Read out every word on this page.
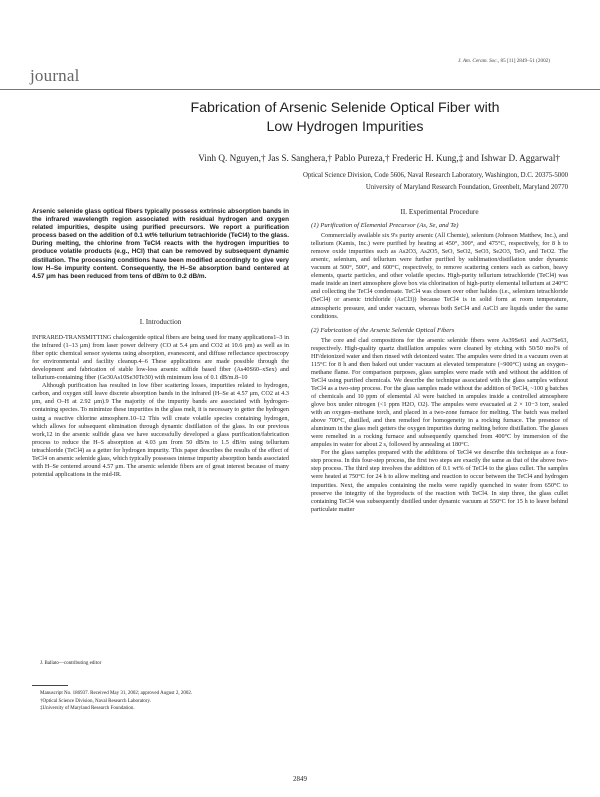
journal
J. Am. Ceram. Soc., 85 [11] 2849–51 (2002)
Fabrication of Arsenic Selenide Optical Fiber with
Low Hydrogen Impurities
Vinh Q. Nguyen,† Jas S. Sanghera,† Pablo Pureza,† Frederic H. Kung,‡ and Ishwar D. Aggarwal†
Optical Science Division, Code 5606, Naval Research Laboratory, Washington, D.C. 20375-5000
University of Maryland Research Foundation, Greenbelt, Maryland 20770
Arsenic selenide glass optical fibers typically possess extrinsic absorption bands in the infrared wavelength region associated with residual hydrogen and oxygen related impurities, despite using purified precursors. We report a purification process based on the addition of 0.1 wt% tellurium tetrachloride (TeCl4) to the glass. During melting, the chlorine from TeCl4 reacts with the hydrogen impurities to produce volatile products (e.g., HCl) that can be removed by subsequent dynamic distillation. The processing conditions have been modified accordingly to give very low H–Se impurity content. Consequently, the H–Se absorption band centered at 4.57 μm has been reduced from tens of dB/m to 0.2 dB/m.
I. Introduction

INFRARED-TRANSMITTING chalcogenide optical fibers are being used for many applications1–3 in the infrared (1–13 μm) from laser power delivery (CO at 5.4 μm and CO2 at 10.6 μm) as well as in fiber optic chemical sensor systems using absorption, evanescent, and diffuse reflectance spectroscopy for environmental and facility cleanup.4–6 These applications are made possible through the development and fabrication of stable low-loss arsenic sulfide based fiber (As40S60–xSex) and tellurium-containing fiber (Ge30As10Se30Te30) with minimum loss of 0.1 dB/m.8–10

Although purification has resulted in low fiber scattering losses, impurities related to hydrogen, carbon, and oxygen still leave discrete absorption bands in the infrared (H–Se at 4.57 μm, CO2 at 4.3 μm, and O–H at 2.92 μm).9 The majority of the impurity bands are associated with hydrogen-containing species. To minimize these impurities in the glass melt, it is necessary to getter the hydrogen using a reactive chlorine atmosphere.10–12 This will create volatile species containing hydrogen, which allows for subsequent elimination through dynamic distillation of the glass. In our previous work,12 in the arsenic sulfide glass we have successfully developed a glass purification/fabrication process to reduce the H–S absorption at 4.03 μm from 50 dB/m to 1.5 dB/m using tellurium tetrachloride (TeCl4) as a getter for hydrogen impurity. This paper describes the results of the effect of TeCl4 on arsenic selenide glass, which typically possesses intense impurity absorption bands associated with H–Se centered around 4.57 μm. The arsenic selenide fibers are of great interest because of many potential applications in the mid-IR.

J. Ballato—contributing editor
Manuscript No. 186937. Received May 31, 2002; approved August 2, 2002.
†Optical Science Division, Naval Research Laboratory.
‡University of Maryland Research Foundation.
II. Experimental Procedure
(1) Purification of Elemental Precursor (As, Se, and Te)

Commercially available six 9's purity arsenic (All Chemie), selenium (Johnson Matthew, Inc.), and tellurium (Kamis, Inc.) were purified by heating at 450°, 300°, and 475°C, respectively, for 8 h to remove oxide impurities such as As2O3, As2O5, SeO, SeO2, SeO3, Se2O3, TeO, and TeO2. The arsenic, selenium, and tellurium were further purified by sublimation/distillation under dynamic vacuum at 500°, 500°, and 600°C, respectively, to remove scattering centers such as carbon, heavy elements, quartz particles, and other volatile species. High-purity tellurium tetrachloride (TeCl4) was made inside an inert atmosphere glove box via chlorination of high-purity elemental tellurium at 240°C and collecting the TeCl4 condensate. TeCl4 was chosen over other halides (i.e., selenium tetrachloride (SeCl4) or arsenic trichloride (AsCl3)) because TeCl4 is in solid form at room temperature, atmospheric pressure, and under vacuum, whereas both SeCl4 and AsCl3 are liquids under the same conditions.

(2) Fabrication of the Arsenic Selenide Optical Fibers

The core and clad compositions for the arsenic selenide fibers were As39Se61 and As37Se63, respectively. High-quality quartz distillation ampules were cleaned by etching with 50/50 mol% of HF/deionized water and then rinsed with deionized water. The ampules were dried in a vacuum oven at 115°C for 8 h and then baked out under vacuum at elevated temperature (~900°C) using an oxygen–methane flame. For comparison purposes, glass samples were made with and without the addition of TeCl4 using purified chemicals. We describe the technique associated with the glass samples without TeCl4 as a two-step process. For the glass samples made without the addition of TeCl4, ~100 g batches of chemicals and 10 ppm of elemental Al were batched in ampules inside a controlled atmosphere glove box under nitrogen (<1 ppm H2O, O2). The ampules were evacuated at 2 × 10−3 torr, sealed with an oxygen–methane torch, and placed in a two-zone furnace for melting. The batch was melted above 700°C, distilled, and then remelted for homogeneity in a rocking furnace. The presence of aluminum in the glass melt getters the oxygen impurities during melting before distillation. The glasses were remelted in a rocking furnace and subsequently quenched from 400°C by immersion of the ampules in water for about 2 s, followed by annealing at 180°C.

For the glass samples prepared with the additions of TeCl4 we describe this technique as a four-step process. In this four-step process, the first two steps are exactly the same as that of the above two-step process. The third step involves the addition of 0.1 wt% of TeCl4 to the glass cullet. The samples were heated at 750°C for 24 h to allow melting and reaction to occur between the TeCl4 and hydrogen impurities. Next, the ampules containing the melts were rapidly quenched in water from 650°C to preserve the integrity of the byproducts of the reaction with TeCl4. In step three, the glass cullet containing TeCl4 was subsequently distilled under dynamic vacuum at 550°C for 15 h to leave behind particulate matter

2849
